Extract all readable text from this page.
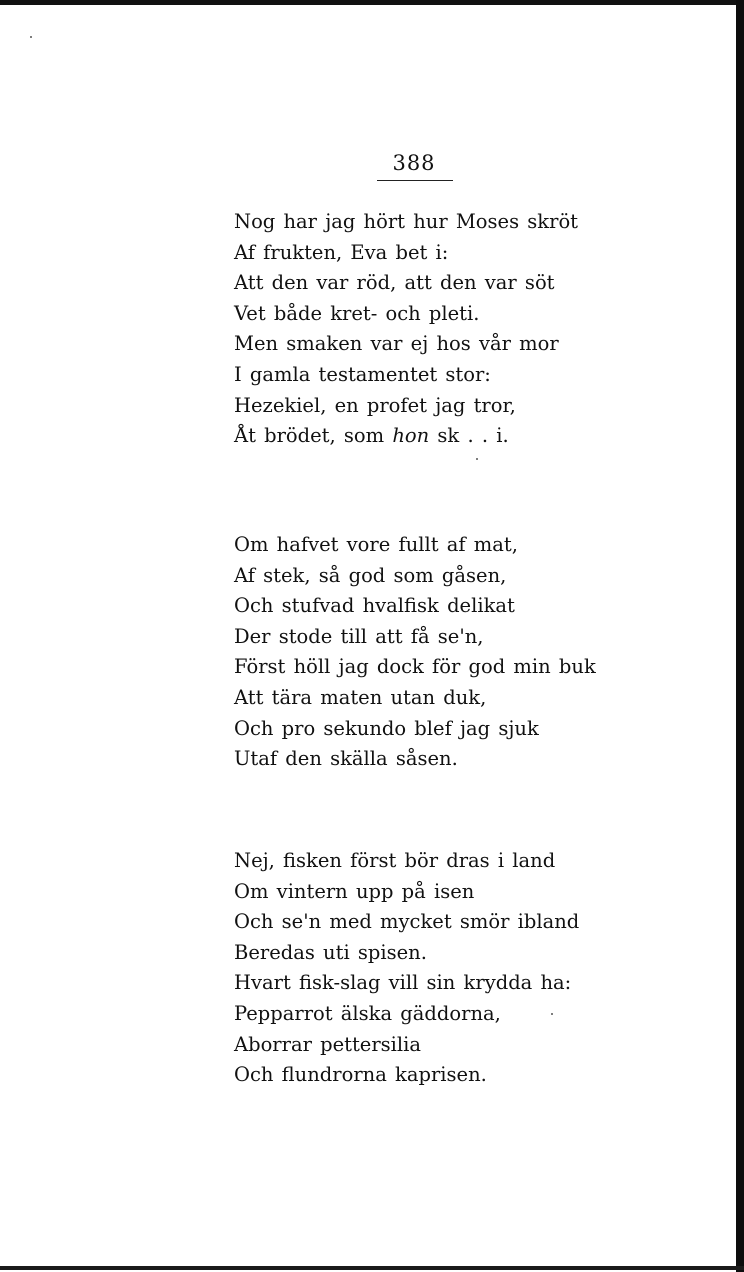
388
Nog har jag hört hur Moses skröt
Af frukten, Eva bet i:
Att den var röd, att den var söt
Vet både kret- och pleti.
Men smaken var ej hos vår mor
I gamla testamentet stor:
Hezekiel, en profet jag tror,
Åt brödet, som hon sk . . i.
Om hafvet vore fullt af mat,
Af stek, så god som gåsen,
Och stufvad hvalfisk delikat
Der stode till att få se'n,
Först höll jag dock för god min buk
Att tära maten utan duk,
Och pro sekundo blef jag sjuk
Utaf den skälla såsen.
Nej, fisken först bör dras i land
Om vintern upp på isen
Och se'n med mycket smör ibland
Beredas uti spisen.
Hvart fisk-slag vill sin krydda ha:
Pepparrot älska gäddorna,
Aborrar pettersilia
Och flundrorna kaprisen.
